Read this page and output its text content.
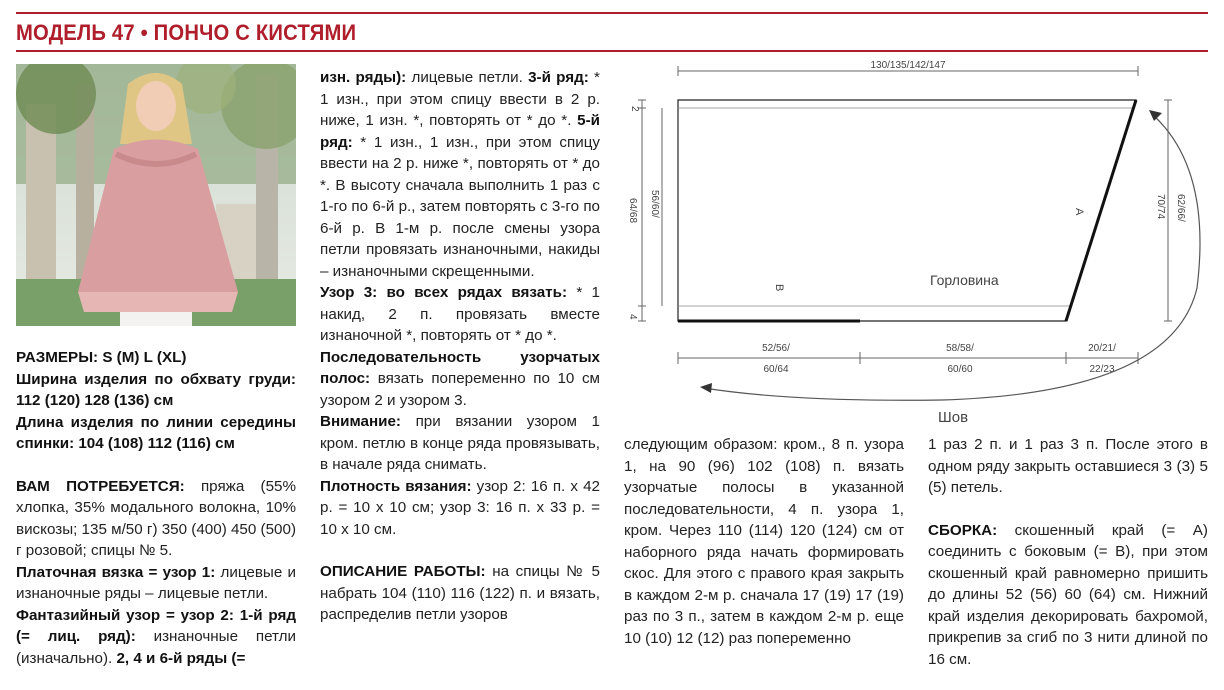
МОДЕЛЬ 47 • ПОНЧО С КИСТЯМИ

РАЗМЕРЫ: S (M) L (XL)

Ширина изделия по обхвату груди: 112 (120) 128 (136) см

Длина изделия по линии середины спинки: 104 (108) 112 (116) см

ВАМ ПОТРЕБУЕТСЯ: пряжа (55% хлопка, 35% модального волокна, 10% вискозы; 135 м/50 г) 350 (400) 450 (500) г розовой; спицы № 5.

Платочная вязка = узор 1: лицевые и изнаночные ряды – лицевые петли.

Фантазийный узор = узор 2: 1-й ряд (= лиц. ряд): изнаночные петли (изначально). 2, 4 и 6-й ряды (=

изн. ряды): лицевые петли. 3-й ряд: * 1 изн., при этом спицу ввести в 2 р. ниже, 1 изн. *, повторять от * до *. 5-й ряд: * 1 изн., 1 изн., при этом спицу ввести на 2 р. ниже *, повторять от * до *. В высоту сначала выполнить 1 раз с 1-го по 6-й р., затем повторять с 3-го по 6-й р. В 1-м р. после смены узора петли провязать изнаночными, накиды – изнаночными скрещенными.

Узор 3: во всех рядах вязать: * 1 накид, 2 п. провязать вместе изнаночной *, повторять от * до *.

Последовательность узорчатых полос: вязать попеременно по 10 см узором 2 и узором 3.

Внимание: при вязании узором 1 кром. петлю в конце ряда провязывать, в начале ряда снимать.

Плотность вязания: узор 2: 16 п. х 42 р. = 10 х 10 см; узор 3: 16 п. х 33 р. = 10 х 10 см.

ОПИСАНИЕ РАБОТЫ: на спицы № 5 набрать 104 (110) 116 (122) п. и вязать, распределив петли узоров

следующим образом: кром., 8 п. узора 1, на 90 (96) 102 (108) п. вязать узорчатые полосы в указанной последовательности, 4 п. узора 1, кром. Через 110 (114) 120 (124) см от наборного ряда начать формировать скос. Для этого с правого края закрыть в каждом 2-м р. сначала 17 (19) 17 (19) раз по 3 п., затем в каждом 2-м р. еще 10 (10) 12 (12) раз попеременно

1 раз 2 п. и 1 раз 3 п. После этого в одном ряду закрыть оставшиеся 3 (3) 5 (5) петель.

СБОРКА: скошенный край (= А) соединить с боковым (= В), при этом скошенный край равномерно пришить до длины 52 (56) 60 (64) см. Нижний край изделия декорировать бахромой, прикрепив за сгиб по 3 нити длиной по 16 см.

130/135/142/147
2
4
64/68 56/60/	70/74 62/66/
А
В	Горловина
52/56/
60/64
58/58/
60/60
20/21/
22/23
Шов
